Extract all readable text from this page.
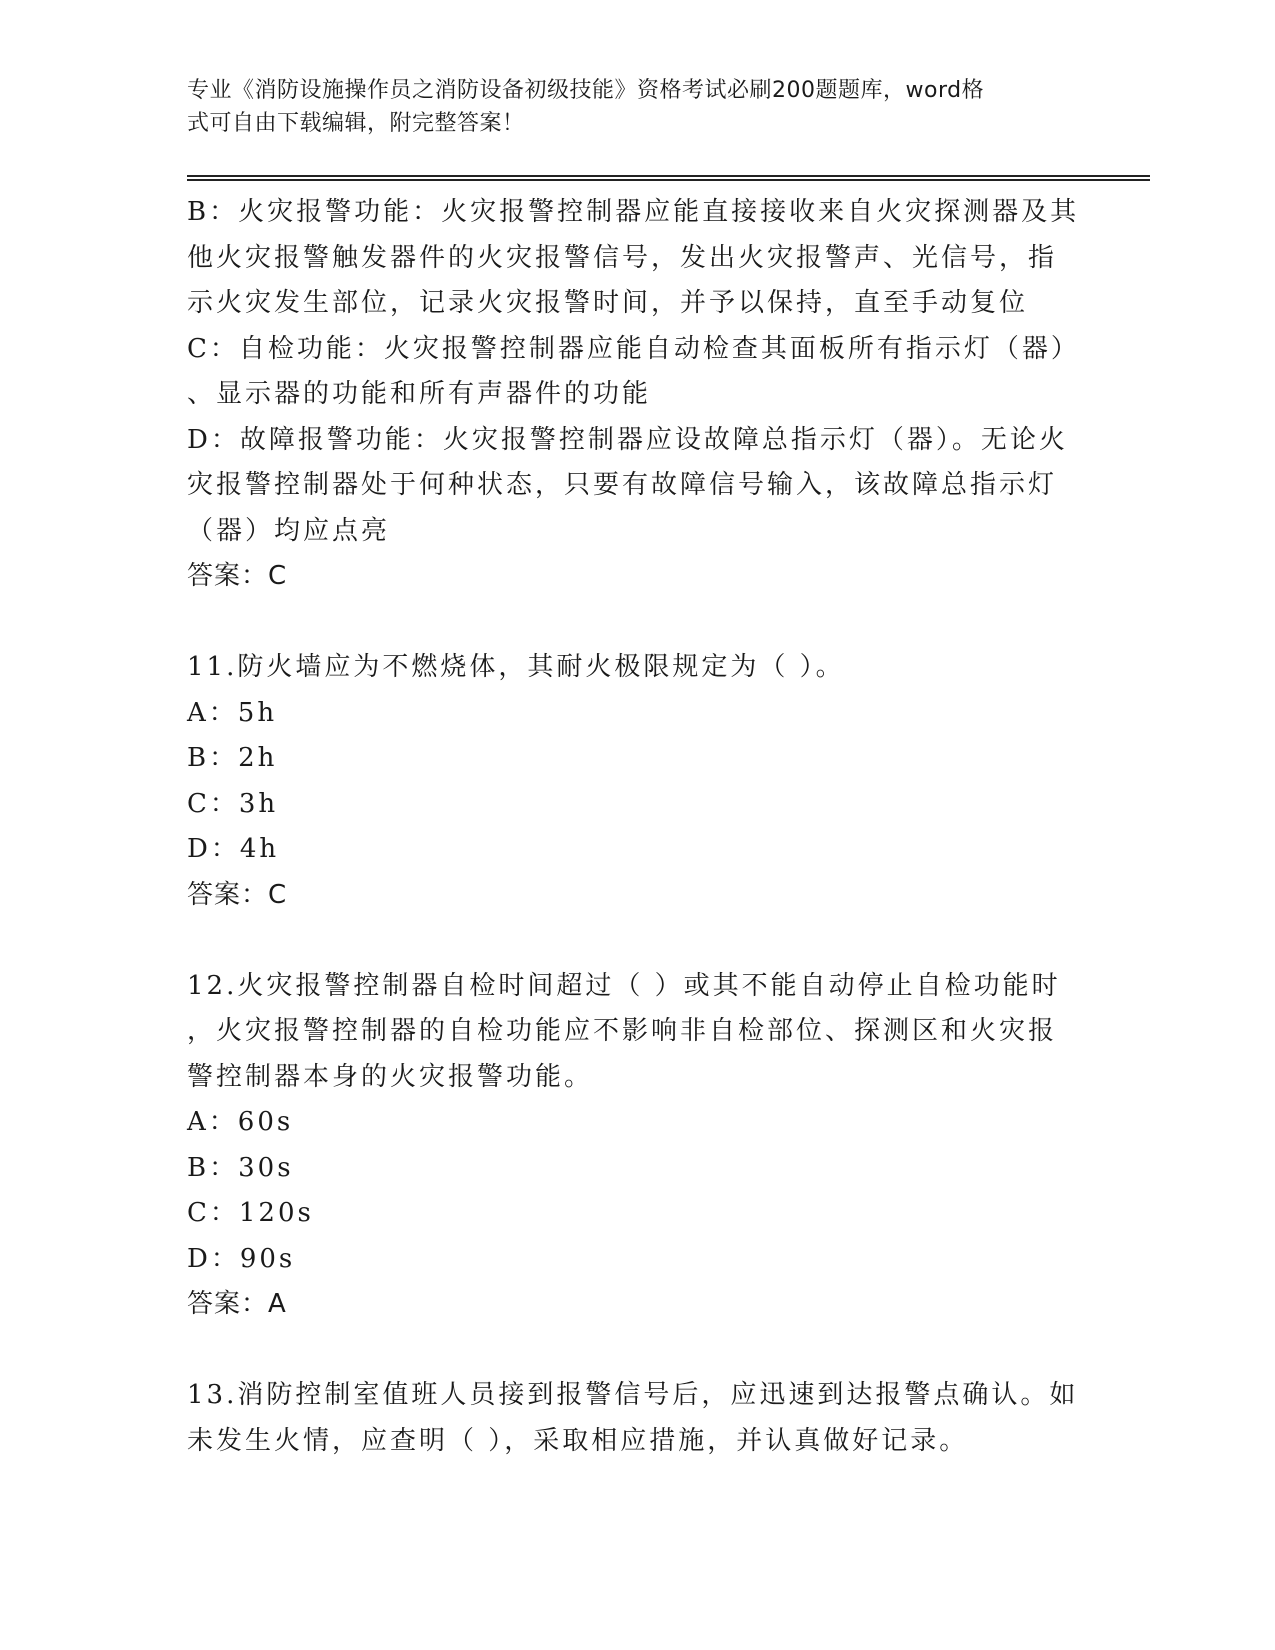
专业《消防设施操作员之消防设备初级技能》资格考试必刷200题题库，word格
式可自由下载编辑，附完整答案！
B：火灾报警功能：火灾报警控制器应能直接接收来自火灾探测器及其
他火灾报警触发器件的火灾报警信号，发出火灾报警声、光信号，指
示火灾发生部位，记录火灾报警时间，并予以保持，直至手动复位
C：自检功能：火灾报警控制器应能自动检查其面板所有指示灯（器）
、显示器的功能和所有声器件的功能
D：故障报警功能：火灾报警控制器应设故障总指示灯（器）。无论火
灾报警控制器处于何种状态，只要有故障信号输入，该故障总指示灯
（器）均应点亮
答案：C
11.防火墙应为不燃烧体，其耐火极限规定为（ ）。
A：5h
B：2h
C：3h
D：4h
答案：C
12.火灾报警控制器自检时间超过（ ）或其不能自动停止自检功能时
，火灾报警控制器的自检功能应不影响非自检部位、探测区和火灾报
警控制器本身的火灾报警功能。
A：60s
B：30s
C：120s
D：90s
答案：A
13.消防控制室值班人员接到报警信号后，应迅速到达报警点确认。如
未发生火情，应查明（ ），采取相应措施，并认真做好记录。
